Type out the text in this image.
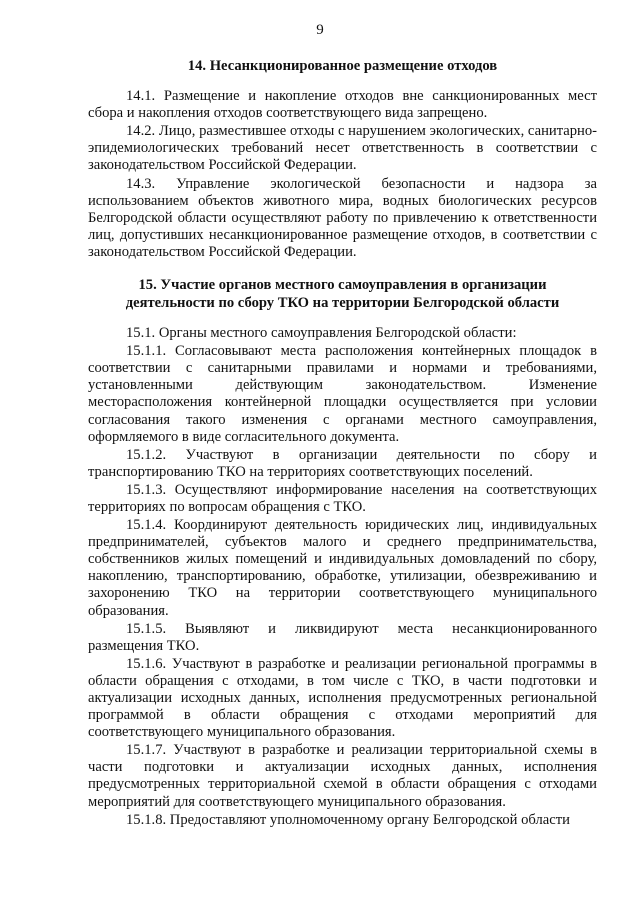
9

14. Несанкционированное размещение отходов

14.1. Размещение и накопление отходов вне санкционированных мест сбора и накопления отходов соответствующего вида запрещено.

14.2. Лицо, разместившее отходы с нарушением экологических, санитарно-эпидемиологических требований несет ответственность в соответствии с законодательством Российской Федерации.

14.3. Управление экологической безопасности и надзора за использованием объектов животного мира, водных биологических ресурсов Белгородской области осуществляют работу по привлечению к ответственности лиц, допустивших несанкционированное размещение отходов, в соответствии с законодательством Российской Федерации.

15. Участие органов местного самоуправления в организации
деятельности по сбору ТКО на территории Белгородской области

15.1. Органы местного самоуправления Белгородской области:

15.1.1. Согласовывают места расположения контейнерных площадок в соответствии с санитарными правилами и нормами и требованиями, установленными действующим законодательством. Изменение месторасположения контейнерной площадки осуществляется при условии согласования такого изменения с органами местного самоуправления, оформляемого в виде согласительного документа.

15.1.2. Участвуют в организации деятельности по сбору и транспортированию ТКО на территориях соответствующих поселений.

15.1.3. Осуществляют информирование населения на соответствующих территориях по вопросам обращения с ТКО.

15.1.4. Координируют деятельность юридических лиц, индивидуальных предпринимателей, субъектов малого и среднего предпринимательства, собственников жилых помещений и индивидуальных домовладений по сбору, накоплению, транспортированию, обработке, утилизации, обезвреживанию и захоронению ТКО на территории соответствующего муниципального образования.

15.1.5. Выявляют и ликвидируют места несанкционированного размещения ТКО.

15.1.6. Участвуют в разработке и реализации региональной программы в области обращения с отходами, в том числе с ТКО, в части подготовки и актуализации исходных данных, исполнения предусмотренных региональной программой в области обращения с отходами мероприятий для соответствующего муниципального образования.

15.1.7. Участвуют в разработке и реализации территориальной схемы в части подготовки и актуализации исходных данных, исполнения предусмотренных территориальной схемой в области обращения с отходами мероприятий для соответствующего муниципального образования.

15.1.8. Предоставляют уполномоченному органу Белгородской области
